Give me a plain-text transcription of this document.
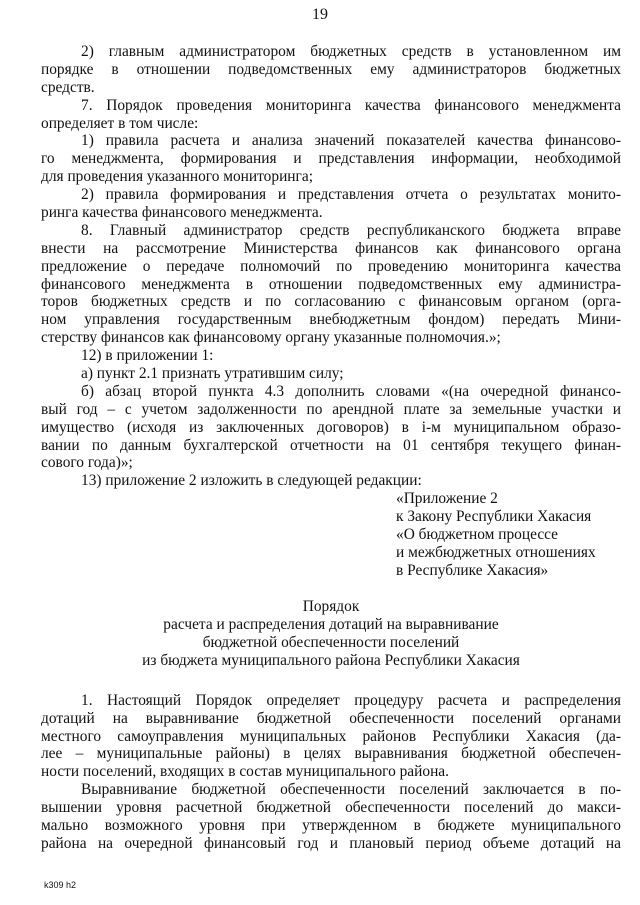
19
2) главным администратором бюджетных средств в установленном им
порядке в отношении подведомственных ему администраторов бюджетных
средств.
7. Порядок проведения мониторинга качества финансового менеджмента
определяет в том числе:
1) правила расчета и анализа значений показателей качества финансово-
го менеджмента, формирования и представления информации, необходимой
для проведения указанного мониторинга;
2) правила формирования и представления отчета о результатах монито-
ринга качества финансового менеджмента.
8. Главный администратор средств республиканского бюджета вправе
внести на рассмотрение Министерства финансов как финансового органа
предложение о передаче полномочий по проведению мониторинга качества
финансового менеджмента в отношении подведомственных ему администра-
торов бюджетных средств и по согласованию с финансовым органом (орга-
ном управления государственным внебюджетным фондом) передать Мини-
стерству финансов как финансовому органу указанные полномочия.»;
12) в приложении 1:
а) пункт 2.1 признать утратившим силу;
б) абзац второй пункта 4.3 дополнить словами «(на очередной финансо-
вый год – с учетом задолженности по арендной плате за земельные участки и
имущество (исходя из заключенных договоров) в i-м муниципальном образо-
вании по данным бухгалтерской отчетности на 01 сентября текущего финан-
сового года)»;
13) приложение 2 изложить в следующей редакции:
«Приложение 2
к Закону Республики Хакасия
«О бюджетном процессе
и межбюджетных отношениях
в Республике Хакасия»
Порядок
расчета и распределения дотаций на выравнивание
бюджетной обеспеченности поселений
из бюджета муниципального района Республики Хакасия
1. Настоящий Порядок определяет процедуру расчета и распределения
дотаций на выравнивание бюджетной обеспеченности поселений органами
местного самоуправления муниципальных районов Республики Хакасия (да-
лее – муниципальные районы) в целях выравнивания бюджетной обеспечен-
ности поселений, входящих в состав муниципального района.
Выравнивание бюджетной обеспеченности поселений заключается в по-
вышении уровня расчетной бюджетной обеспеченности поселений до макси-
мально возможного уровня при утвержденном в бюджете муниципального
района на очередной финансовый год и плановый период объеме дотаций на
k309 h2
